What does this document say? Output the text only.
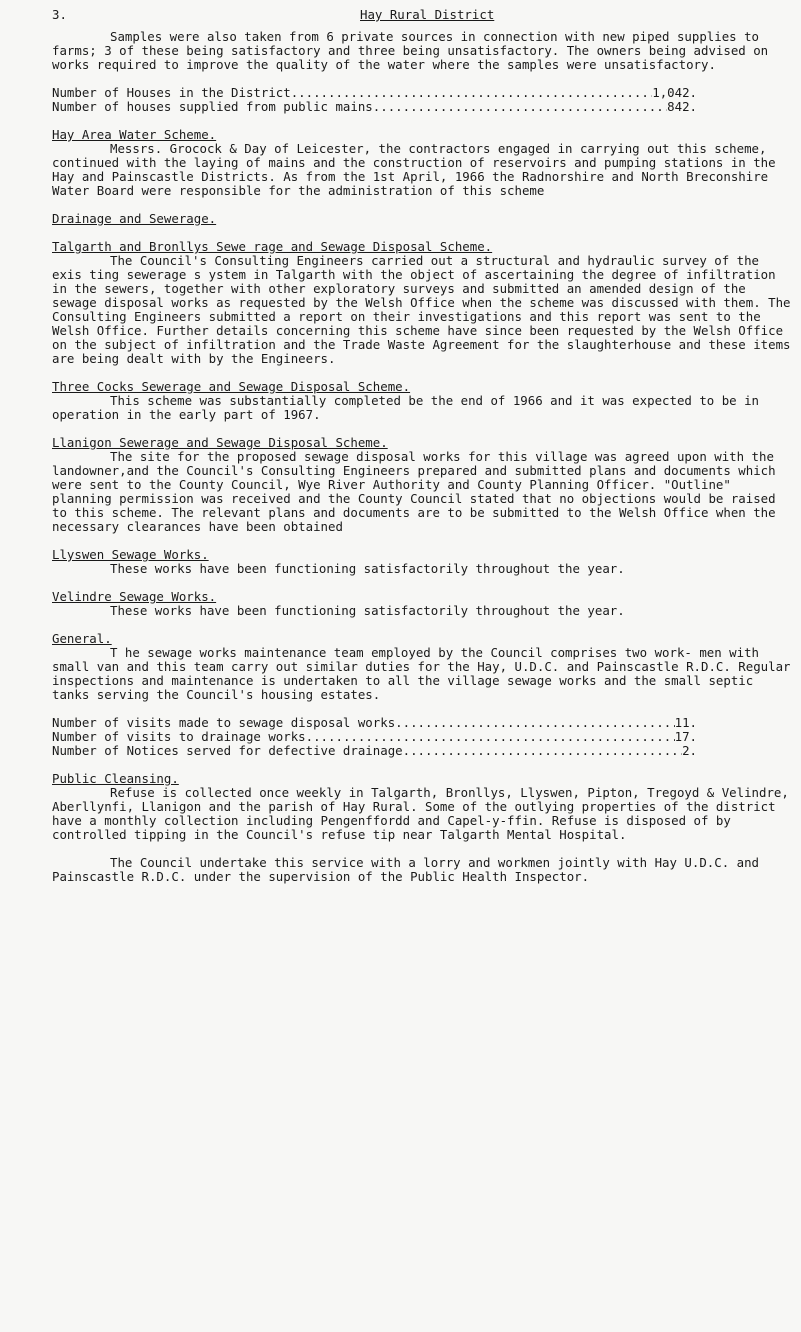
3.	Hay Rural District

Samples were also taken from 6 private sources in connection with new piped supplies to farms; 3 of these being satisfactory and three being unsatisfactory. The owners being advised on works required to improve the quality of the water where the samples were unsatisfactory.

Number of Houses in the District .....	1,042.
Number of houses supplied from public mains .....	842.
Hay Area Water Scheme.

Messrs. Grocock & Day of Leicester, the contractors engaged in carrying out this scheme, continued with the laying of mains and the construction of reservoirs and pumping stations in the Hay and Painscastle Districts. As from the 1st April, 1966 the Radnorshire and North Breconshire Water Board were responsible for the administration of this scheme

Drainage and Sewerage.
Talgarth and Bronllys Sewe rage and Sewage Disposal Scheme.

The Council's Consulting Engineers carried out a structural and hydraulic survey of the exis ting sewerage s ystem in Talgarth with the object of ascertaining the degree of infiltration in the sewers, together with other exploratory surveys and submitted an amended design of the sewage disposal works as requested by the Welsh Office when the scheme was discussed with them. The Consulting Engineers submitted a report on their investigations and this report was sent to the Welsh Office. Further details concerning this scheme have since been requested by the Welsh Office on the subject of infiltration and the Trade Waste Agreement for the slaughterhouse and these items are being dealt with by the Engineers.

Three Cocks Sewerage and Sewage Disposal Scheme.

This scheme was substantially completed be the end of 1966 and it was expected to be in operation in the early part of 1967.

Llanigon Sewerage and Sewage Disposal Scheme.

The site for the proposed sewage disposal works for this village was agreed upon with the landowner,and the Council's Consulting Engineers prepared and submitted plans and documents which were sent to the County Council, Wye River Authority and County Planning Officer. "Outline" planning permission was received and the County Council stated that no objections would be raised to this scheme. The relevant plans and documents are to be submitted to the Welsh Office when the necessary clearances have been obtained

Llyswen Sewage Works.

These works have been functioning satisfactorily throughout the year.

Velindre Sewage Works.

These works have been functioning satisfactorily throughout the year.

General.

T he sewage works maintenance team employed by the Council comprises two work- men with small van and this team carry out similar duties for the Hay, U.D.C. and Painscastle R.D.C. Regular inspections and maintenance is undertaken to all the village sewage works and the small septic tanks serving the Council's housing estates.

Number of visits made to sewage disposal works .....	11.
Number of visits to drainage works .....	17.
Number of Notices served for defective drainage .....	2.
Public Cleansing.

Refuse is collected once weekly in Talgarth, Bronllys, Llyswen, Pipton, Tregoyd & Velindre, Aberllynfi, Llanigon and the parish of Hay Rural. Some of the outlying properties of the district have a monthly collection including Pengenffordd and Capel-y-ffin. Refuse is disposed of by controlled tipping in the Council's refuse tip near Talgarth Mental Hospital.

The Council undertake this service with a lorry and workmen jointly with Hay U.D.C. and Painscastle R.D.C. under the supervision of the Public Health Inspector.
